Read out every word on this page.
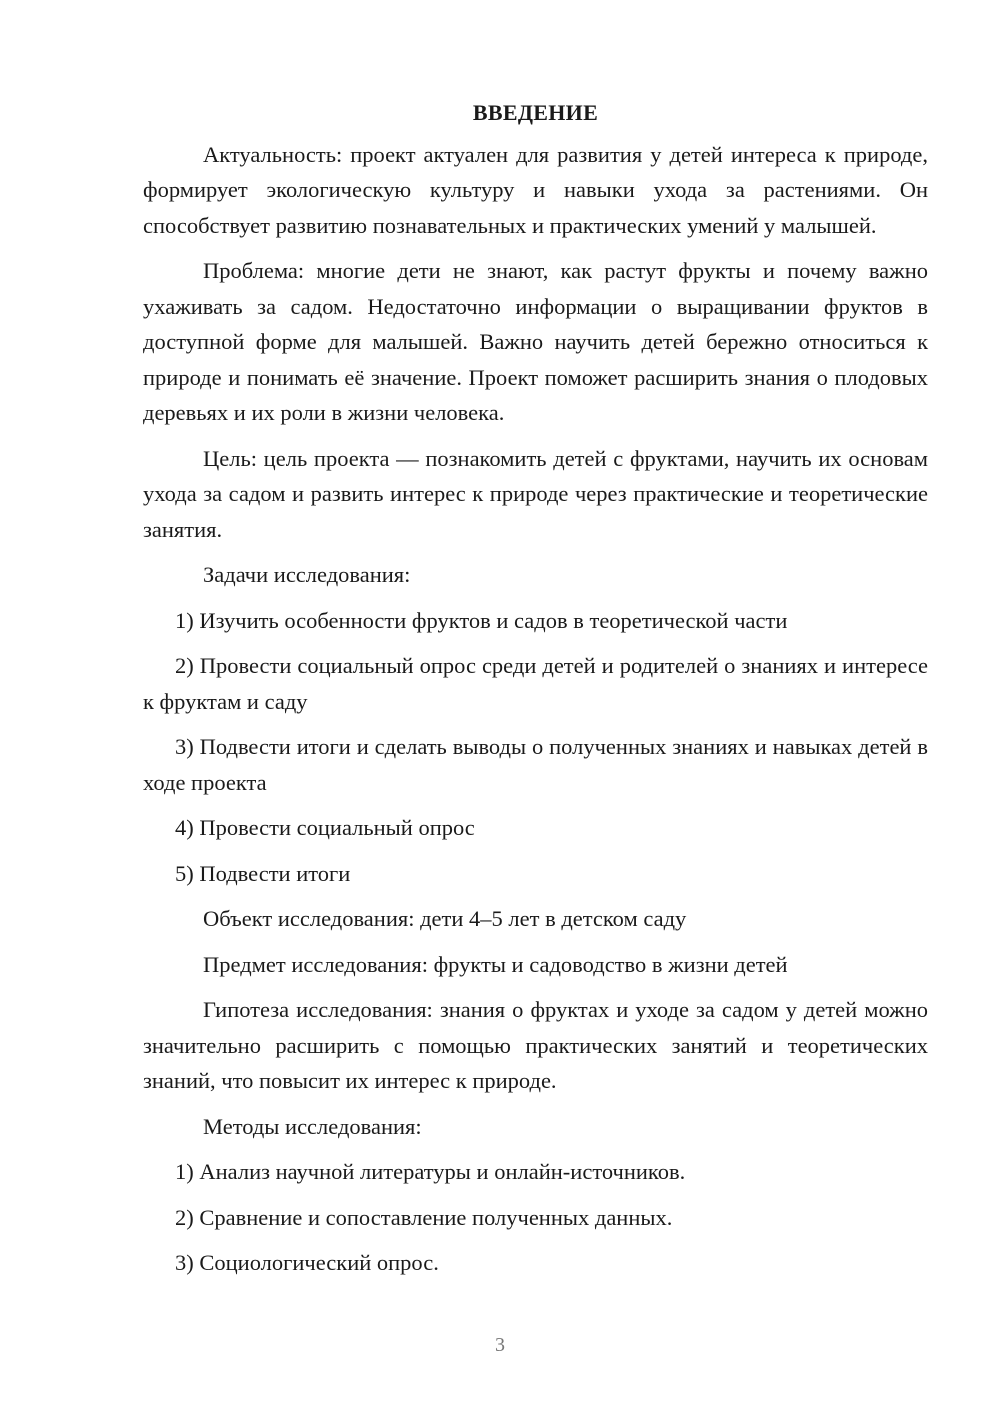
ВВЕДЕНИЕ
Актуальность: проект актуален для развития у детей интереса к природе, формирует экологическую культуру и навыки ухода за растениями. Он способствует развитию познавательных и практических умений у малышей.
Проблема: многие дети не знают, как растут фрукты и почему важно ухаживать за садом. Недостаточно информации о выращивании фруктов в доступной форме для малышей. Важно научить детей бережно относиться к природе и понимать её значение. Проект поможет расширить знания о плодовых деревьях и их роли в жизни человека.
Цель: цель проекта — познакомить детей с фруктами, научить их основам ухода за садом и развить интерес к природе через практические и теоретические занятия.
Задачи исследования:
1) Изучить особенности фруктов и садов в теоретической части
2) Провести социальный опрос среди детей и родителей о знаниях и интересе к фруктам и саду
3) Подвести итоги и сделать выводы о полученных знаниях и навыках детей в ходе проекта
4) Провести социальный опрос
5) Подвести итоги
Объект исследования: дети 4–5 лет в детском саду
Предмет исследования: фрукты и садоводство в жизни детей
Гипотеза исследования: знания о фруктах и уходе за садом у детей можно значительно расширить с помощью практических занятий и теоретических знаний, что повысит их интерес к природе.
Методы исследования:
1) Анализ научной литературы и онлайн-источников.
2) Сравнение и сопоставление полученных данных.
3) Социологический опрос.
3
